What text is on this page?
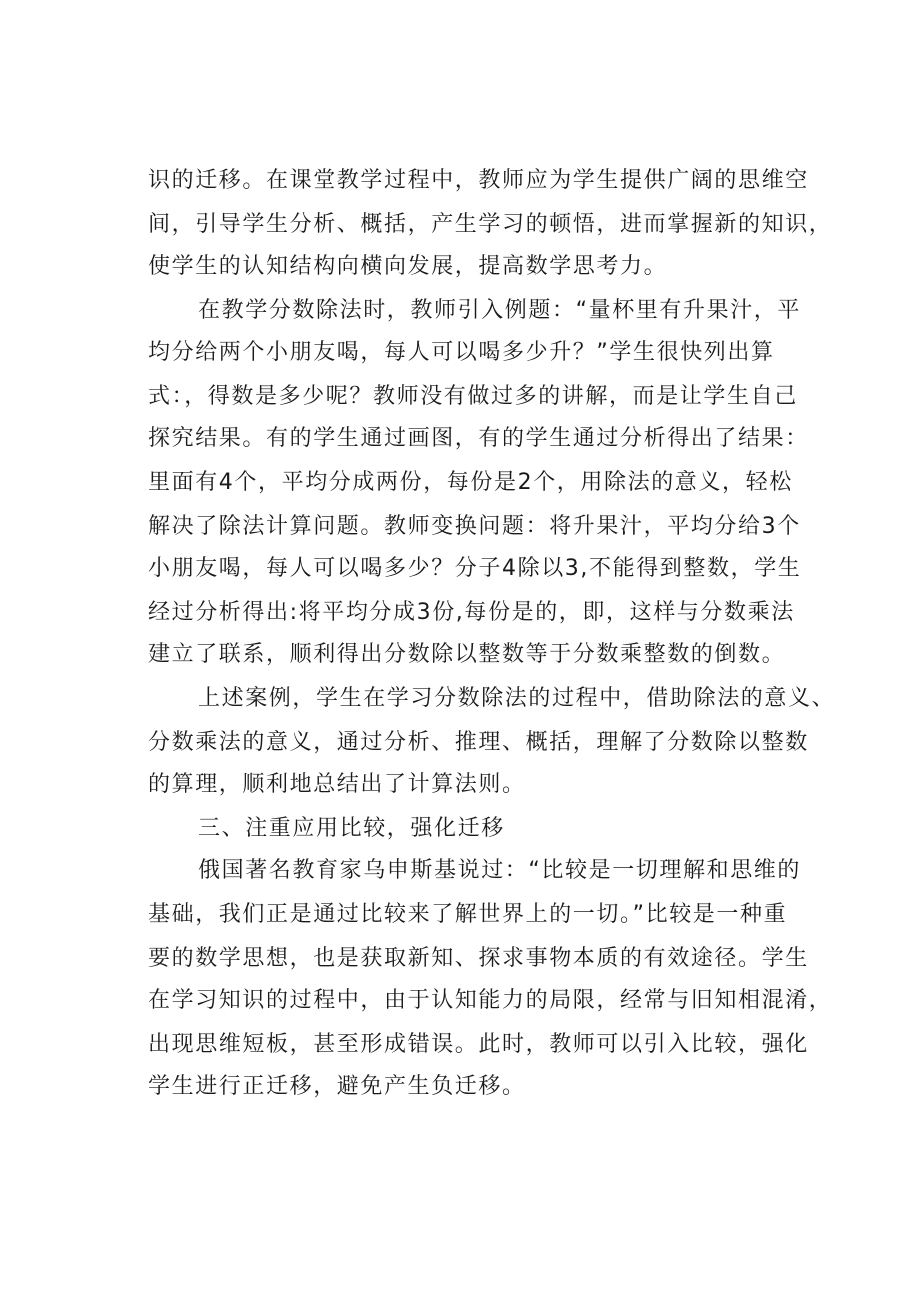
识的迁移。在课堂教学过程中，教师应为学生提供广阔的思维空
间，引导学生分析、概括，产生学习的顿悟，进而掌握新的知识，
使学生的认知结构向横向发展，提高数学思考力。
在教学分数除法时，教师引入例题：“量杯里有升果汁，平
均分给两个小朋友喝，每人可以喝多少升？”学生很快列出算
式：，得数是多少呢？教师没有做过多的讲解，而是让学生自己
探究结果。有的学生通过画图，有的学生通过分析得出了结果：
里面有4个，平均分成两份，每份是2个，用除法的意义，轻松
解决了除法计算问题。教师变换问题：将升果汁，平均分给3个
小朋友喝，每人可以喝多少？分子4除以3,不能得到整数，学生
经过分析得出:将平均分成3份,每份是的，即，这样与分数乘法
建立了联系，顺利得出分数除以整数等于分数乘整数的倒数。
上述案例，学生在学习分数除法的过程中，借助除法的意义、
分数乘法的意义，通过分析、推理、概括，理解了分数除以整数
的算理，顺利地总结出了计算法则。
三、注重应用比较，强化迁移
俄国著名教育家乌申斯基说过：“比较是一切理解和思维的
基础，我们正是通过比较来了解世界上的一切。”比较是一种重
要的数学思想，也是获取新知、探求事物本质的有效途径。学生
在学习知识的过程中，由于认知能力的局限，经常与旧知相混淆，
出现思维短板，甚至形成错误。此时，教师可以引入比较，强化
学生进行正迁移，避免产生负迁移。
